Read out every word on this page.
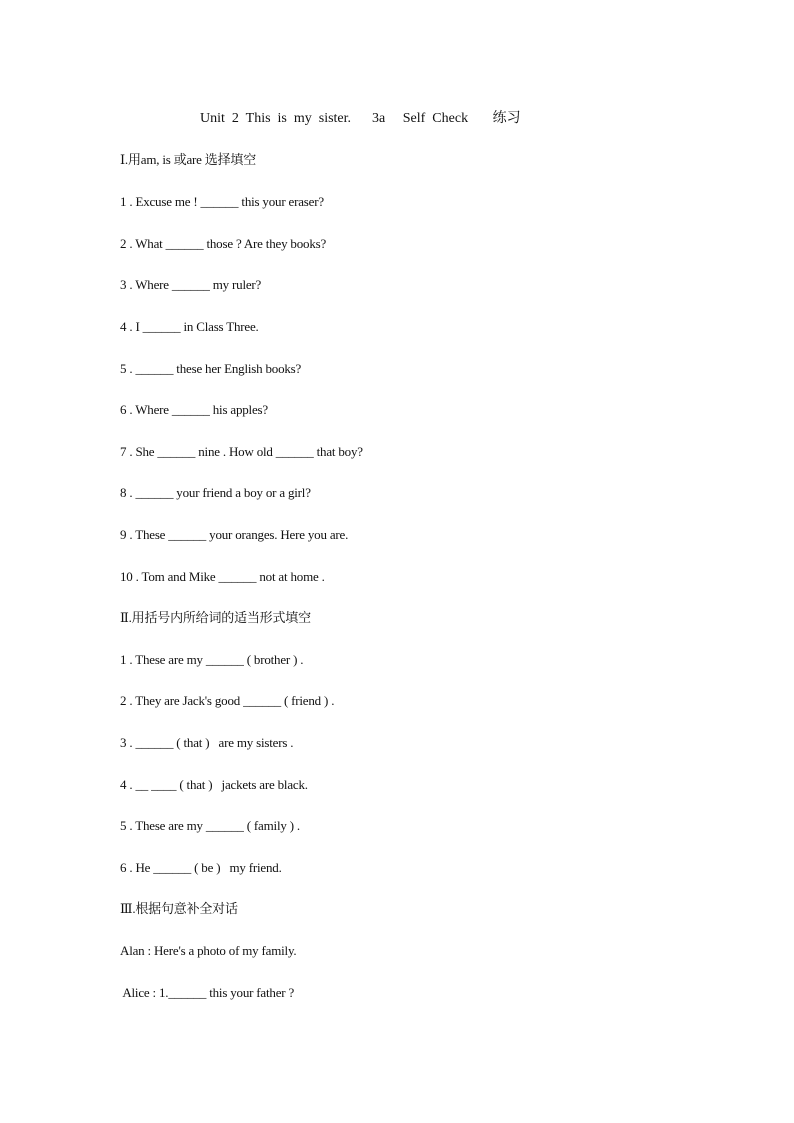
Unit  2  This  is  my  sister.      3a     Self  Check       练习

Ⅰ.用am, is 或are 选择填空

1 . Excuse me ! ______ this your eraser?

2 . What ______ those ? Are they books?

3 . Where ______ my ruler?

4 . I ______ in Class Three.

5 . ______ these her English books?

6 . Where ______ his apples?

7 . She ______ nine . How old ______ that boy?

8 . ______ your friend a boy or a girl?

9 . These ______ your oranges. Here you are.

10 . Tom and Mike ______ not at home .

Ⅱ.用括号内所给词的适当形式填空

1 . These are my ______ ( brother ) .

2 . They are Jack's good ______ ( friend ) .

3 . ______ ( that )   are my sisters .

4 . __ ____ ( that )   jackets are black.

5 . These are my ______ ( family ) .

6 . He ______ ( be )   my friend.

Ⅲ.根据句意补全对话

Alan : Here's a photo of my family.

Alice : 1.______ this your father ?
